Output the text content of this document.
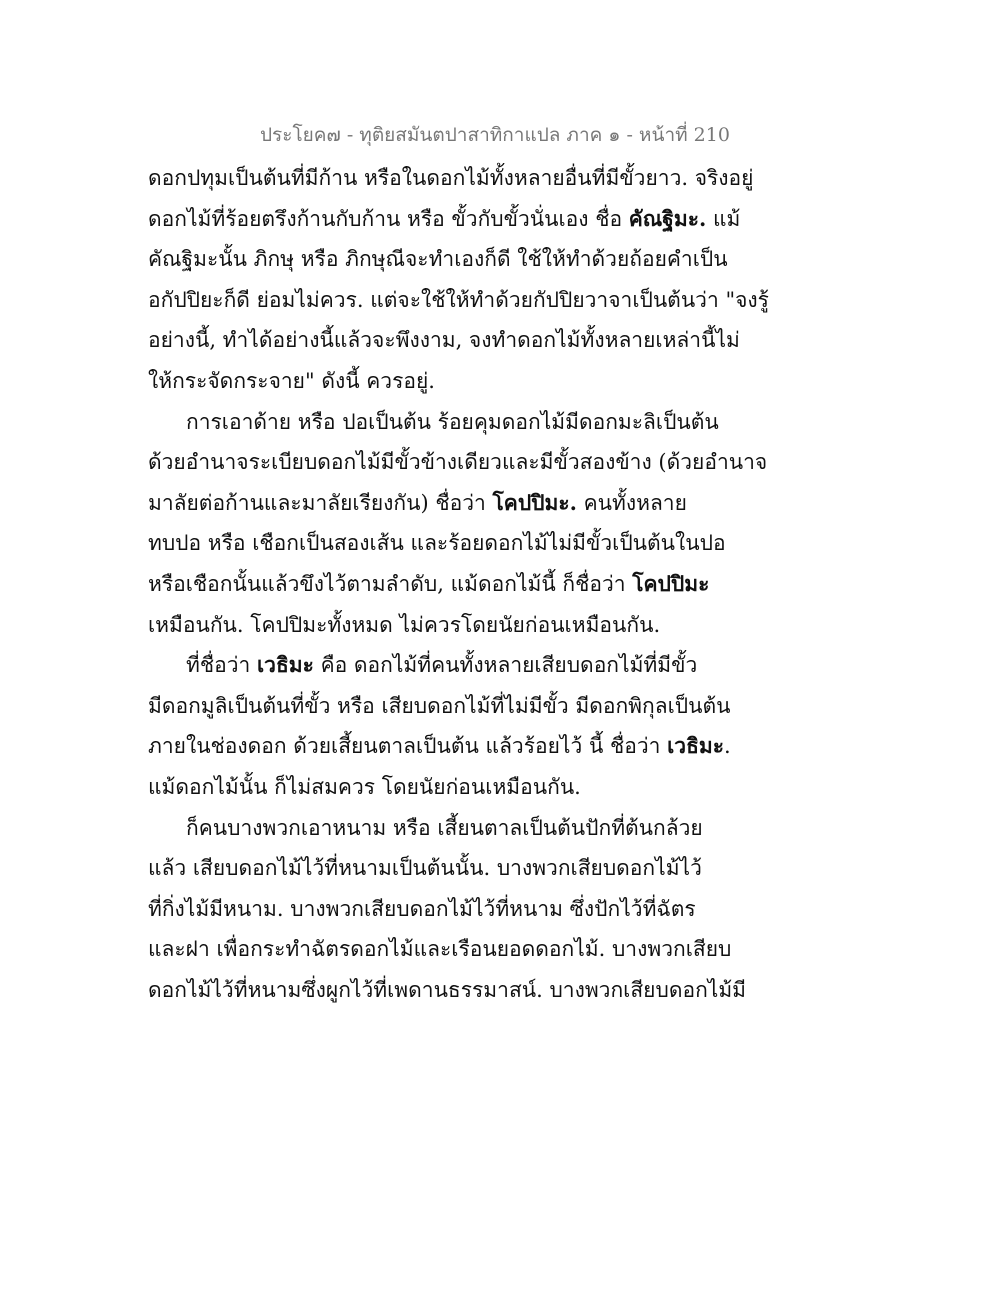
ประโยค๗ - ทุติยสมันตปาสาทิกาแปล ภาค ๑ - หน้าที่ 210
ดอกปทุมเป็นต้นที่มีก้าน หรือในดอกไม้ทั้งหลายอื่นที่มีขั้วยาว. จริงอยู่
ดอกไม้ที่ร้อยตรึงก้านกับก้าน หรือ ขั้วกับขั้วนั่นเอง ชื่อ คัณฐิมะ. แม้
คัณฐิมะนั้น ภิกษุ หรือ ภิกษุณีจะทำเองก็ดี ใช้ให้ทำด้วยถ้อยคำเป็น
อกัปปิยะก็ดี ย่อมไม่ควร. แต่จะใช้ให้ทำด้วยกัปปิยวาจาเป็นต้นว่า "จงรู้
อย่างนี้, ทำได้อย่างนี้แล้วจะพึงงาม, จงทำดอกไม้ทั้งหลายเหล่านี้ไม่
ให้กระจัดกระจาย" ดังนี้ ควรอยู่.
การเอาด้าย หรือ ปอเป็นต้น ร้อยคุมดอกไม้มีดอกมะลิเป็นต้น
ด้วยอำนาจระเบียบดอกไม้มีขั้วข้างเดียวและมีขั้วสองข้าง (ด้วยอำนาจ
มาลัยต่อก้านและมาลัยเรียงกัน) ชื่อว่า โคปปิมะ. คนทั้งหลาย
ทบปอ หรือ เชือกเป็นสองเส้น และร้อยดอกไม้ไม่มีขั้วเป็นต้นในปอ
หรือเชือกนั้นแล้วขึงไว้ตามลำดับ, แม้ดอกไม้นี้ ก็ชื่อว่า โคปปิมะ
เหมือนกัน. โคปปิมะทั้งหมด ไม่ควรโดยนัยก่อนเหมือนกัน.
ที่ชื่อว่า เวธิมะ คือ ดอกไม้ที่คนทั้งหลายเสียบดอกไม้ที่มีขั้ว
มีดอกมูลิเป็นต้นที่ขั้ว หรือ เสียบดอกไม้ที่ไม่มีขั้ว มีดอกพิกุลเป็นต้น
ภายในช่องดอก ด้วยเสี้ยนตาลเป็นต้น แล้วร้อยไว้ นี้ ชื่อว่า เวธิมะ.
แม้ดอกไม้นั้น ก็ไม่สมควร โดยนัยก่อนเหมือนกัน.
ก็คนบางพวกเอาหนาม หรือ เสี้ยนตาลเป็นต้นปักที่ต้นกล้วย
แล้ว เสียบดอกไม้ไว้ที่หนามเป็นต้นนั้น. บางพวกเสียบดอกไม้ไว้
ที่กิ่งไม้มีหนาม. บางพวกเสียบดอกไม้ไว้ที่หนาม ซึ่งปักไว้ที่ฉัตร
และฝา เพื่อกระทำฉัตรดอกไม้และเรือนยอดดอกไม้. บางพวกเสียบ
ดอกไม้ไว้ที่หนามซึ่งผูกไว้ที่เพดานธรรมาสน์. บางพวกเสียบดอกไม้มี
